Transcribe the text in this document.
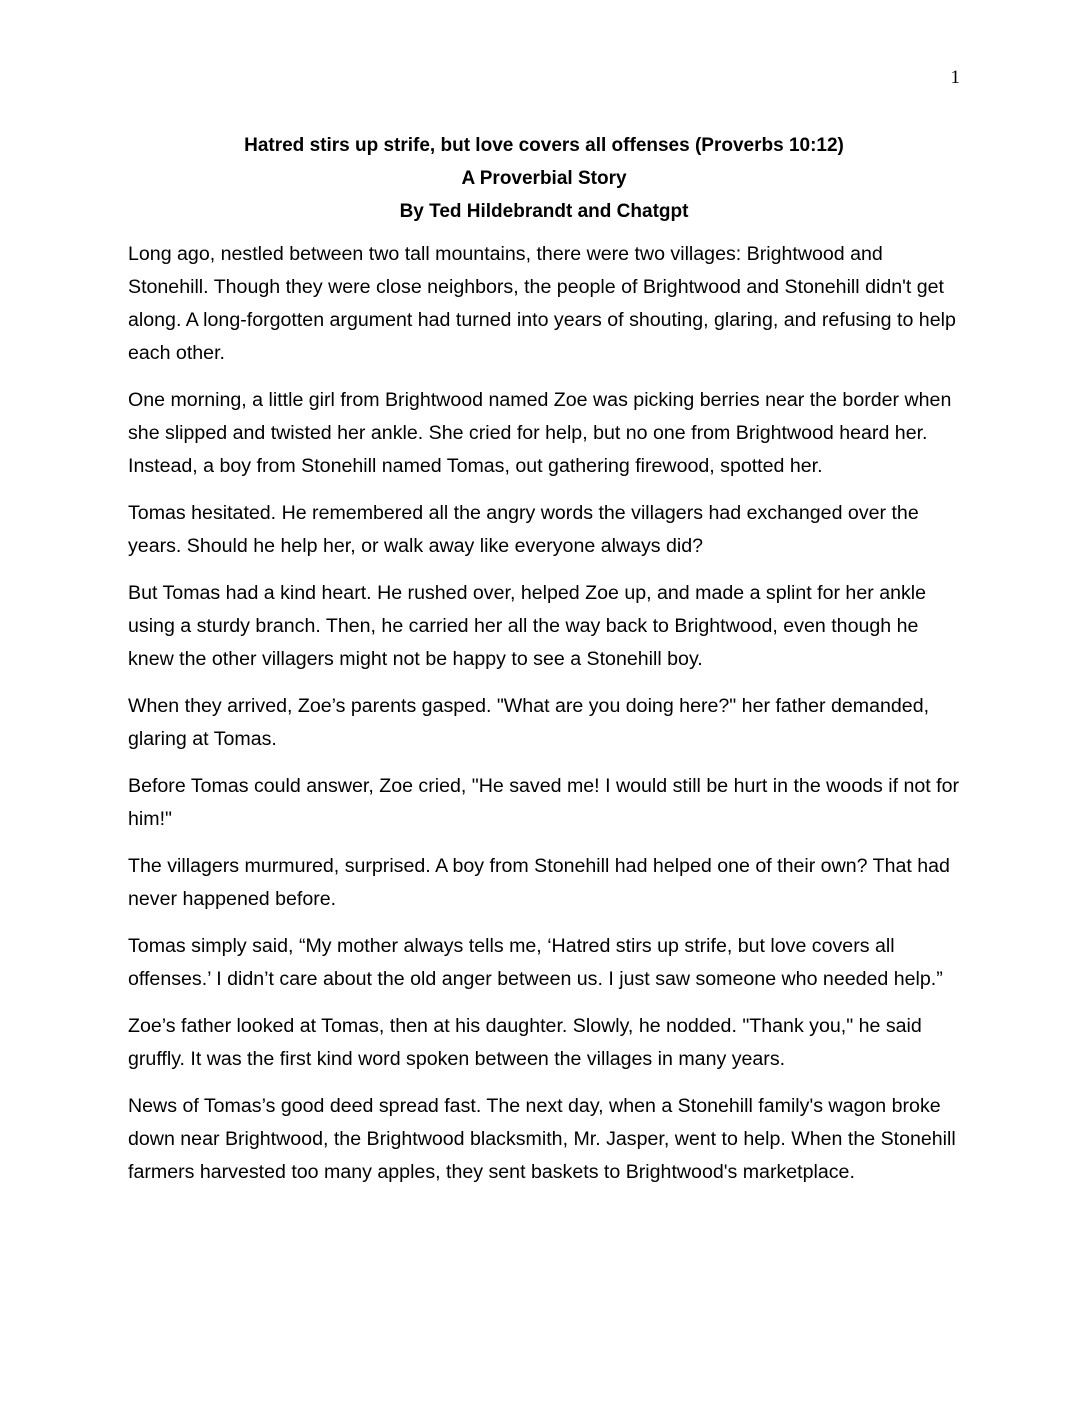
1
Hatred stirs up strife, but love covers all offenses (Proverbs 10:12)
A Proverbial Story
By Ted Hildebrandt and Chatgpt

Long ago, nestled between two tall mountains, there were two villages: Brightwood and Stonehill. Though they were close neighbors, the people of Brightwood and Stonehill didn't get along. A long-forgotten argument had turned into years of shouting, glaring, and refusing to help each other.

One morning, a little girl from Brightwood named Zoe was picking berries near the border when she slipped and twisted her ankle. She cried for help, but no one from Brightwood heard her. Instead, a boy from Stonehill named Tomas, out gathering firewood, spotted her.

Tomas hesitated. He remembered all the angry words the villagers had exchanged over the years. Should he help her, or walk away like everyone always did?

But Tomas had a kind heart. He rushed over, helped Zoe up, and made a splint for her ankle using a sturdy branch. Then, he carried her all the way back to Brightwood, even though he knew the other villagers might not be happy to see a Stonehill boy.

When they arrived, Zoe’s parents gasped. "What are you doing here?" her father demanded, glaring at Tomas.

Before Tomas could answer, Zoe cried, "He saved me! I would still be hurt in the woods if not for him!"

The villagers murmured, surprised. A boy from Stonehill had helped one of their own? That had never happened before.

Tomas simply said, “My mother always tells me, ‘Hatred stirs up strife, but love covers all offenses.’ I didn’t care about the old anger between us. I just saw someone who needed help.”

Zoe’s father looked at Tomas, then at his daughter. Slowly, he nodded. "Thank you," he said gruffly. It was the first kind word spoken between the villages in many years.

News of Tomas’s good deed spread fast. The next day, when a Stonehill family's wagon broke down near Brightwood, the Brightwood blacksmith, Mr. Jasper, went to help. When the Stonehill farmers harvested too many apples, they sent baskets to Brightwood's marketplace.
